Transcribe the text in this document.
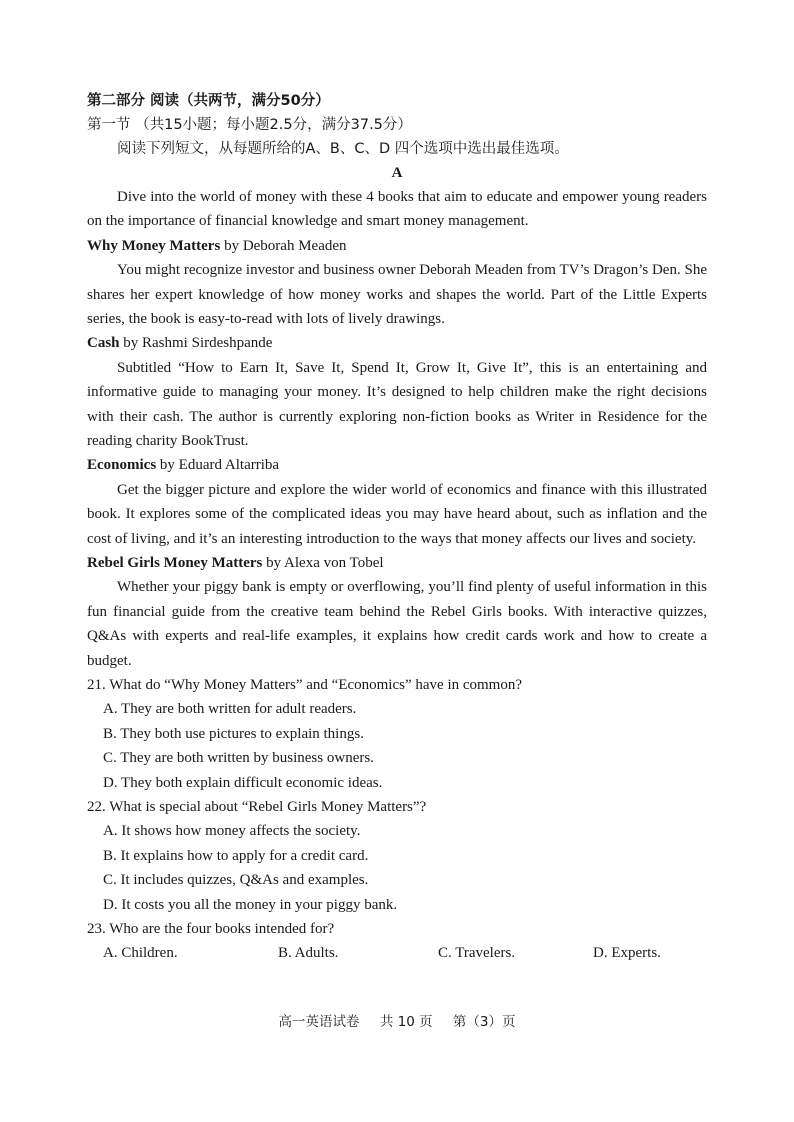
第二部分 阅读（共两节，满分50分）
第一节 （共15小题；每小题2.5分，满分37.5分）
阅读下列短文，从每题所给的A、B、C、D 四个选项中选出最佳选项。
A
Dive into the world of money with these 4 books that aim to educate and empower young readers on the importance of financial knowledge and smart money management.
Why Money Matters by Deborah Meaden
You might recognize investor and business owner Deborah Meaden from TV’s Dragon’s Den. She shares her expert knowledge of how money works and shapes the world. Part of the Little Experts series, the book is easy-to-read with lots of lively drawings.
Cash by Rashmi Sirdeshpande
Subtitled “How to Earn It, Save It, Spend It, Grow It, Give It”, this is an entertaining and informative guide to managing your money. It’s designed to help children make the right decisions with their cash. The author is currently exploring non-fiction books as Writer in Residence for the reading charity BookTrust.
Economics by Eduard Altarriba
Get the bigger picture and explore the wider world of economics and finance with this illustrated book. It explores some of the complicated ideas you may have heard about, such as inflation and the cost of living, and it’s an interesting introduction to the ways that money affects our lives and society.
Rebel Girls Money Matters by Alexa von Tobel
Whether your piggy bank is empty or overflowing, you’ll find plenty of useful information in this fun financial guide from the creative team behind the Rebel Girls books. With interactive quizzes, Q&As with experts and real-life examples, it explains how credit cards work and how to create a budget.
21. What do “Why Money Matters” and “Economics” have in common?
A. They are both written for adult readers.
B. They both use pictures to explain things.
C. They are both written by business owners.
D. They both explain difficult economic ideas.
22. What is special about “Rebel Girls Money Matters”?
A. It shows how money affects the society.
B. It explains how to apply for a credit card.
C. It includes quizzes, Q&As and examples.
D. It costs you all the money in your piggy bank.
23. Who are the four books intended for?
A. Children.	B. Adults.	C. Travelers.	D. Experts.
高一英语试卷 共 10 页 第（3）页
